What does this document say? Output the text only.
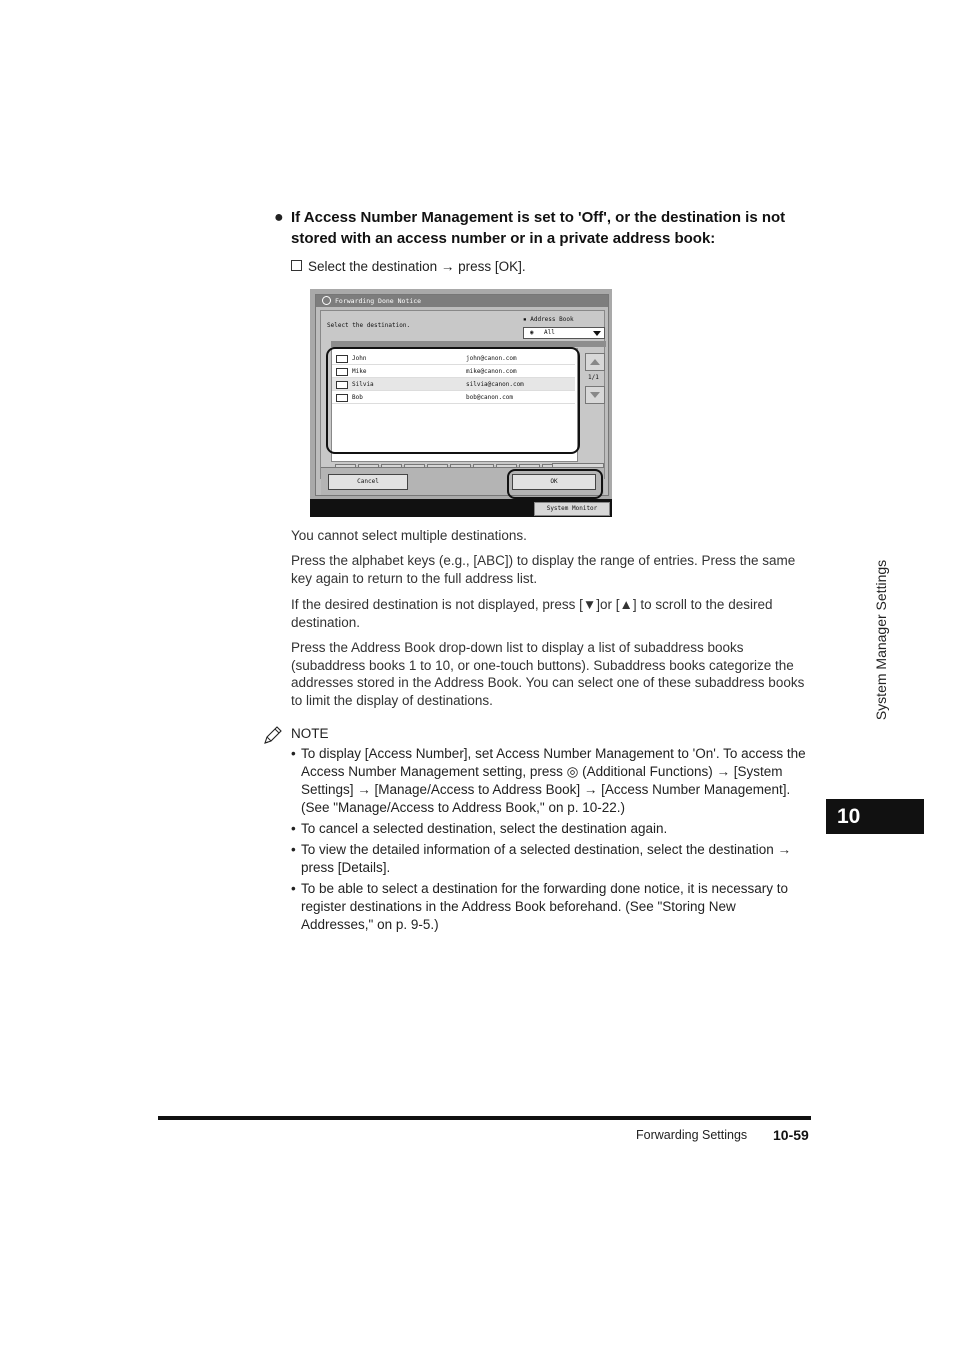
● If Access Number Management is set to 'Off', or the destination is not stored with an access number or in a private address book:
Select the destination → press [OK].
Forwarding Done Notice
Select the destination.
▪ Address Book
◉ All
John	john@canon.com
Mike	mike@canon.com
Silvia	silvia@canon.com
Bob	bob@canon.com
1/1
Cancel	OK
System Monitor
You cannot select multiple destinations.
Press the alphabet keys (e.g., [ABC]) to display the range of entries. Press the same key again to return to the full address list.
If the desired destination is not displayed, press [▼]or [▲] to scroll to the desired destination.
Press the Address Book drop-down list to display a list of subaddress books (subaddress books 1 to 10, or one-touch buttons). Subaddress books categorize the addresses stored in the Address Book. You can select one of these subaddress books to limit the display of destinations.
NOTE
• To display [Access Number], set Access Number Management to 'On'. To access the Access Number Management setting, press ◎ (Additional Functions) → [System Settings] → [Manage/Access to Address Book] → [Access Number Management]. (See "Manage/Access to Address Book," on p. 10-22.)
• To cancel a selected destination, select the destination again.
• To view the detailed information of a selected destination, select the destination → press [Details].
• To be able to select a destination for the forwarding done notice, it is necessary to register destinations in the Address Book beforehand. (See "Storing New Addresses," on p. 9-5.)
System Manager Settings
10
Forwarding Settings 10-59
